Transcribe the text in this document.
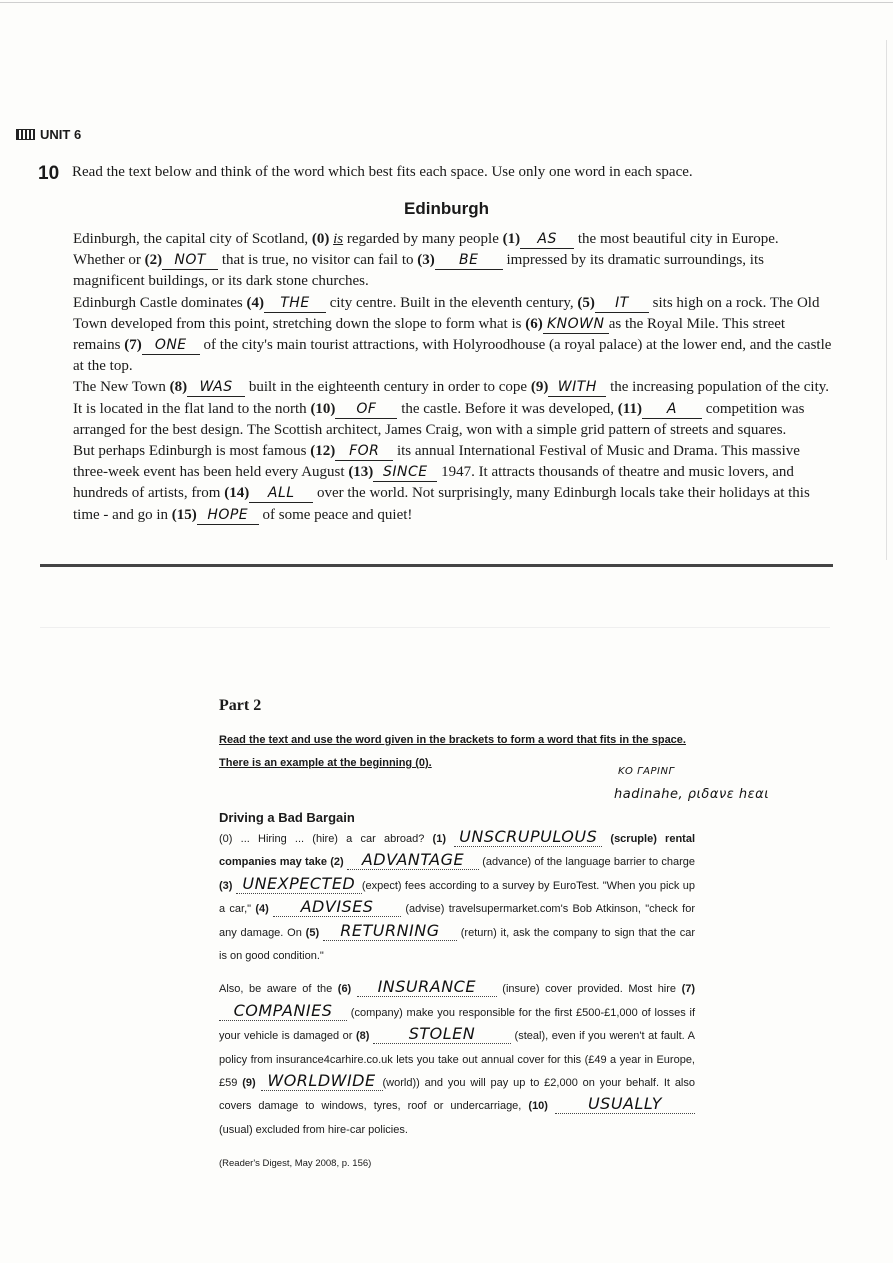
UNIT 6
10 Read the text below and think of the word which best fits each space. Use only one word in each space.
Edinburgh

Edinburgh, the capital city of Scotland, (0) is regarded by many people (1) AS the most beautiful city in Europe. Whether or (2) NOT that is true, no visitor can fail to (3) BE impressed by its dramatic surroundings, its magnificent buildings, or its dark stone churches.

Edinburgh Castle dominates (4) THE city centre. Built in the eleventh century, (5) IT sits high on a rock. The Old Town developed from this point, stretching down the slope to form what is (6) KNOWN as the Royal Mile. This street remains (7) ONE of the city's main tourist attractions, with Holyroodhouse (a royal palace) at the lower end, and the castle at the top.

The New Town (8) WAS built in the eighteenth century in order to cope (9) WITH the increasing population of the city. It is located in the flat land to the north (10) OF the castle. Before it was developed, (11) A competition was arranged for the best design. The Scottish architect, James Craig, won with a simple grid pattern of streets and squares.

But perhaps Edinburgh is most famous (12) FOR its annual International Festival of Music and Drama. This massive three-week event has been held every August (13) SINCE 1947. It attracts thousands of theatre and music lovers, and hundreds of artists, from (14) ALL over the world. Not surprisingly, many Edinburgh locals take their holidays at this time - and go in (15) HOPE of some peace and quiet!

Part 2
Read the text and use the word given in the brackets to form a word that fits in the space.
There is an example at the beginning (0).
ΚΟ ΓΑΡΙΝΓ
hadinahe, ριδανε hεαι
Driving a Bad Bargain

(0) ... Hiring ... (hire) a car abroad? (1) UNSCRUPULOUS (scruple) rental companies may take (2) ADVANTAGE (advance) of the language barrier to charge (3) UNEXPECTED (expect) fees according to a survey by EuroTest. "When you pick up a car," (4) ADVISES	(advise) travelsupermarket.com's Bob Atkinson, "check for any damage. On (5) RETURNING (return) it, ask the company to sign that the car is on good condition."

Also, be aware of the (6) INSURANCE (insure) cover provided. Most hire (7) COMPANIES (company) make you responsible for the first £500-£1,000 of losses if your vehicle is damaged or (8) STOLEN	(steal), even if you weren't at fault. A policy from insurance4carhire.co.uk lets you take out annual cover for this (£49 a year in Europe, £59 (9) WORLDWIDE (world)) and you will pay up to £2,000 on your behalf. It also covers damage to windows, tyres, roof or undercarriage, (10) USUALLY (usual) excluded from hire-car policies.

(Reader's Digest, May 2008, p. 156)
